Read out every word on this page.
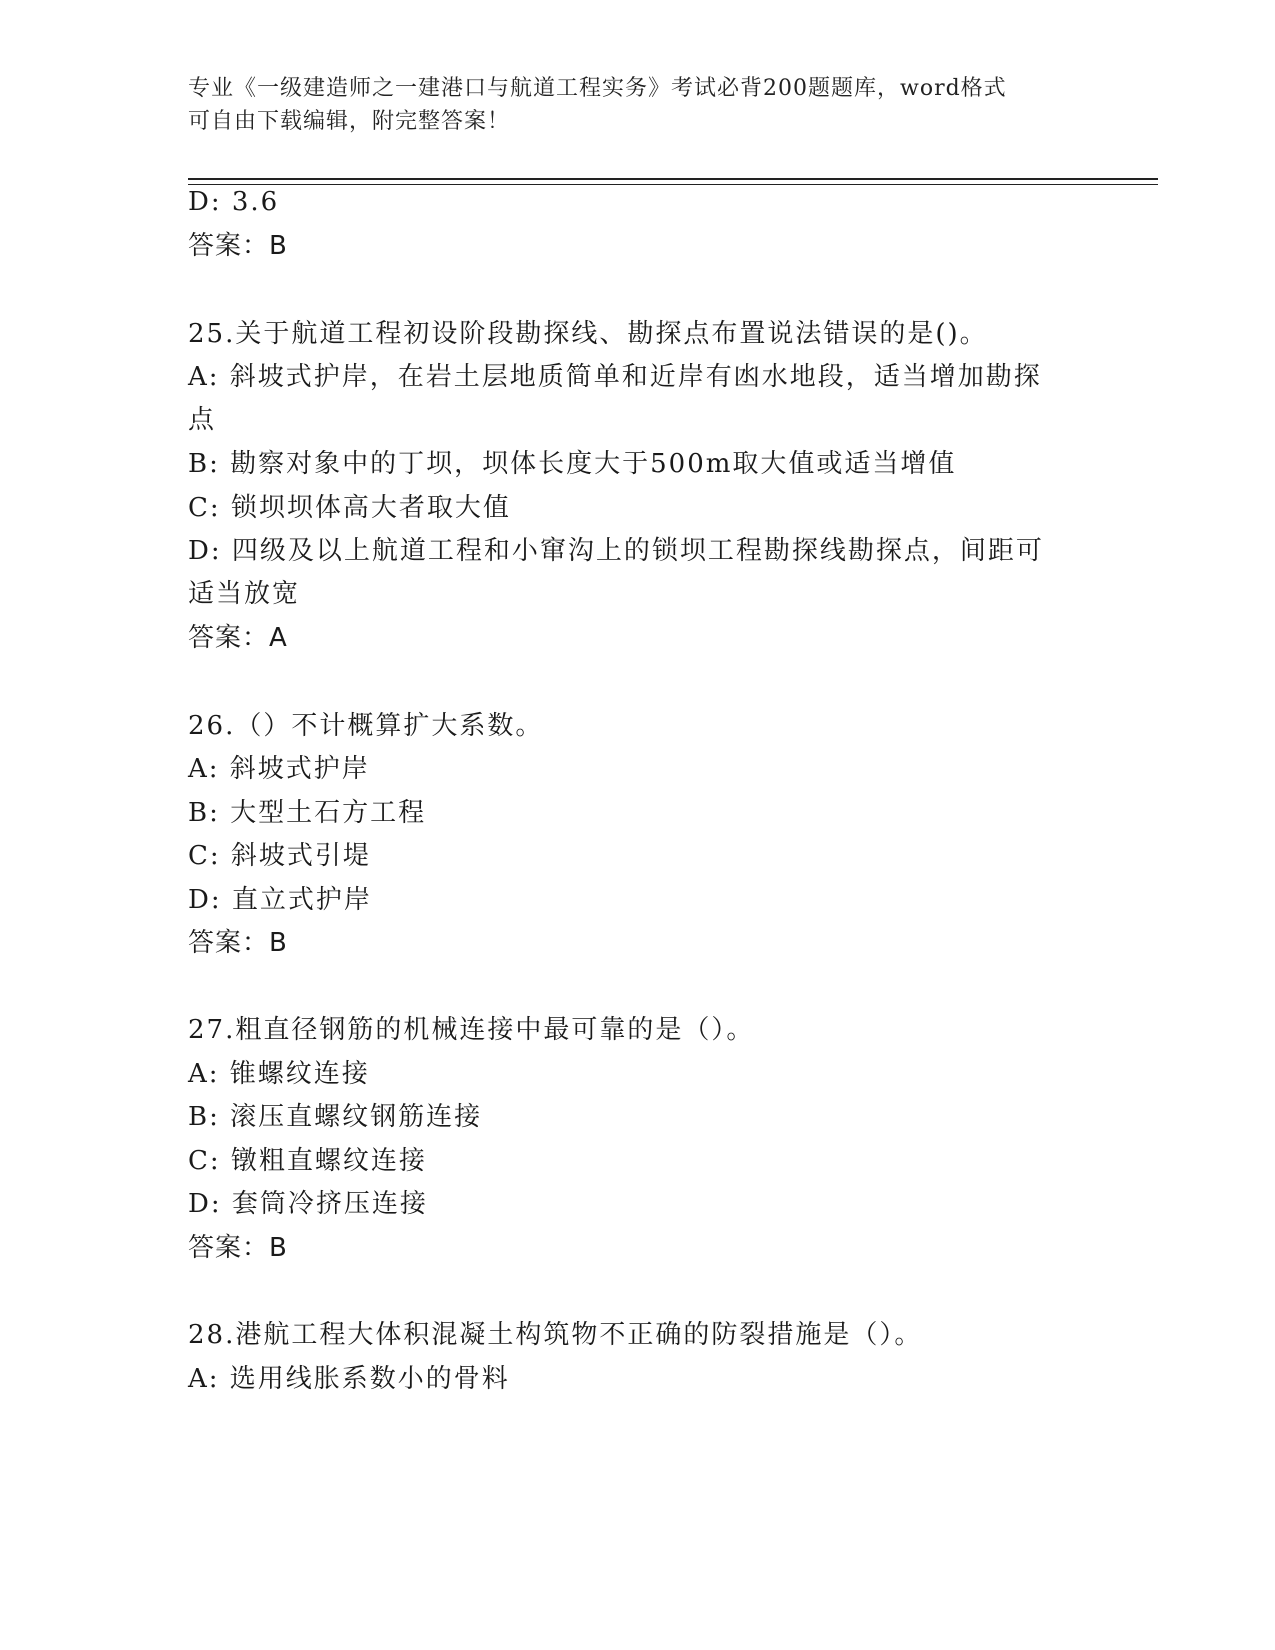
专业《一级建造师之一建港口与航道工程实务》考试必背200题题库，word格式
可自由下载编辑，附完整答案！
D: 3.6
答案：B
25.关于航道工程初设阶段勘探线、勘探点布置说法错误的是()。
A: 斜坡式护岸，在岩土层地质简单和近岸有凼水地段，适当增加勘探
点
B: 勘察对象中的丁坝，坝体长度大于500m取大值或适当增值
C: 锁坝坝体高大者取大值
D: 四级及以上航道工程和小窜沟上的锁坝工程勘探线勘探点，间距可
适当放宽
答案：A
26.（）不计概算扩大系数。
A: 斜坡式护岸
B: 大型土石方工程
C: 斜坡式引堤
D: 直立式护岸
答案：B
27.粗直径钢筋的机械连接中最可靠的是（）。
A: 锥螺纹连接
B: 滚压直螺纹钢筋连接
C: 镦粗直螺纹连接
D: 套筒冷挤压连接
答案：B
28.港航工程大体积混凝土构筑物不正确的防裂措施是（）。
A: 选用线胀系数小的骨料
